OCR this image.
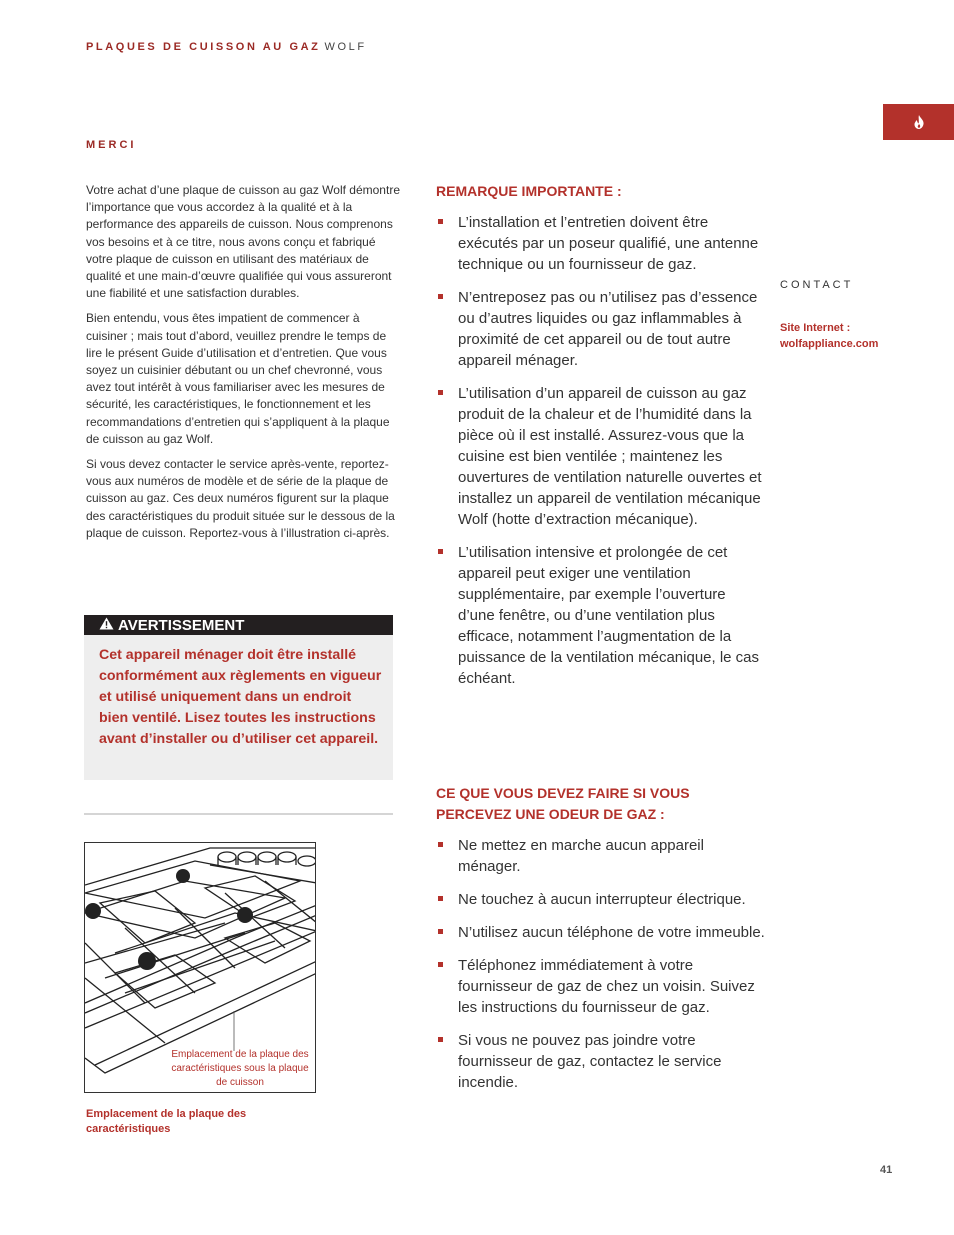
PLAQUES DE CUISSON AU GAZ WOLF
MERCI

Votre achat d’une plaque de cuisson au gaz Wolf démontre l’importance que vous accordez à la qualité et à la performance des appareils de cuisson. Nous comprenons vos besoins et à ce titre, nous avons conçu et fabriqué votre plaque de cuisson en utilisant des matériaux de qualité et une main-d’œuvre qualifiée qui vous assureront une fiabilité et une satisfaction durables.

Bien entendu, vous êtes impatient de commencer à cuisiner ; mais tout d’abord, veuillez prendre le temps de lire le présent Guide d’utilisation et d’entretien. Que vous soyez un cuisinier débutant ou un chef chevronné, vous avez tout intérêt à vous familiariser avec les mesures de sécurité, les caractéristiques, le fonctionnement et les recommandations d’entretien qui s’appliquent à la plaque de cuisson au gaz Wolf.

Si vous devez contacter le service après-vente, reportez-vous aux numéros de modèle et de série de la plaque de cuisson au gaz. Ces deux numéros figurent sur la plaque des caractéristiques du produit située sur le dessous de la plaque de cuisson. Reportez-vous à l’illustration ci-après.

AVERTISSEMENT
Cet appareil ménager doit être installé conformément aux règlements en vigueur et utilisé uniquement dans un endroit bien ventilé. Lisez toutes les instructions avant d’installer ou d’utiliser cet appareil.
Emplacement de la plaque des caractéristiques sous la plaque de cuisson
Emplacement de la plaque des caractéristiques
REMARQUE IMPORTANTE :
L’installation et l’entretien doivent être exécutés par un poseur qualifié, une antenne technique ou un fournisseur de gaz.
N’entreposez pas ou n’utilisez pas d’essence ou d’autres liquides ou gaz inflammables à proximité de cet appareil ou de tout autre appareil ménager.
L’utilisation d’un appareil de cuisson au gaz produit de la chaleur et de l’humidité dans la pièce où il est installé. Assurez-vous que la cuisine est bien ventilée ; maintenez les ouvertures de ventilation naturelle ouvertes et installez un appareil de ventilation mécanique Wolf (hotte d’extraction mécanique).
L’utilisation intensive et prolongée de cet appareil peut exiger une ventilation supplémentaire, par exemple l’ouverture d’une fenêtre, ou d’une ventilation plus efficace, notamment l’augmentation de la puissance de la ventilation mécanique, le cas échéant.
CE QUE VOUS DEVEZ FAIRE SI VOUS PERCEVEZ UNE ODEUR DE GAZ :
Ne mettez en marche aucun appareil ménager.
Ne touchez à aucun interrupteur électrique.
N’utilisez aucun téléphone de votre immeuble.
Téléphonez immédiatement à votre fournisseur de gaz de chez un voisin. Suivez les instructions du fournisseur de gaz.
Si vous ne pouvez pas joindre votre fournisseur de gaz, contactez le service incendie.
CONTACT
Site Internet :
wolfappliance.com
41
